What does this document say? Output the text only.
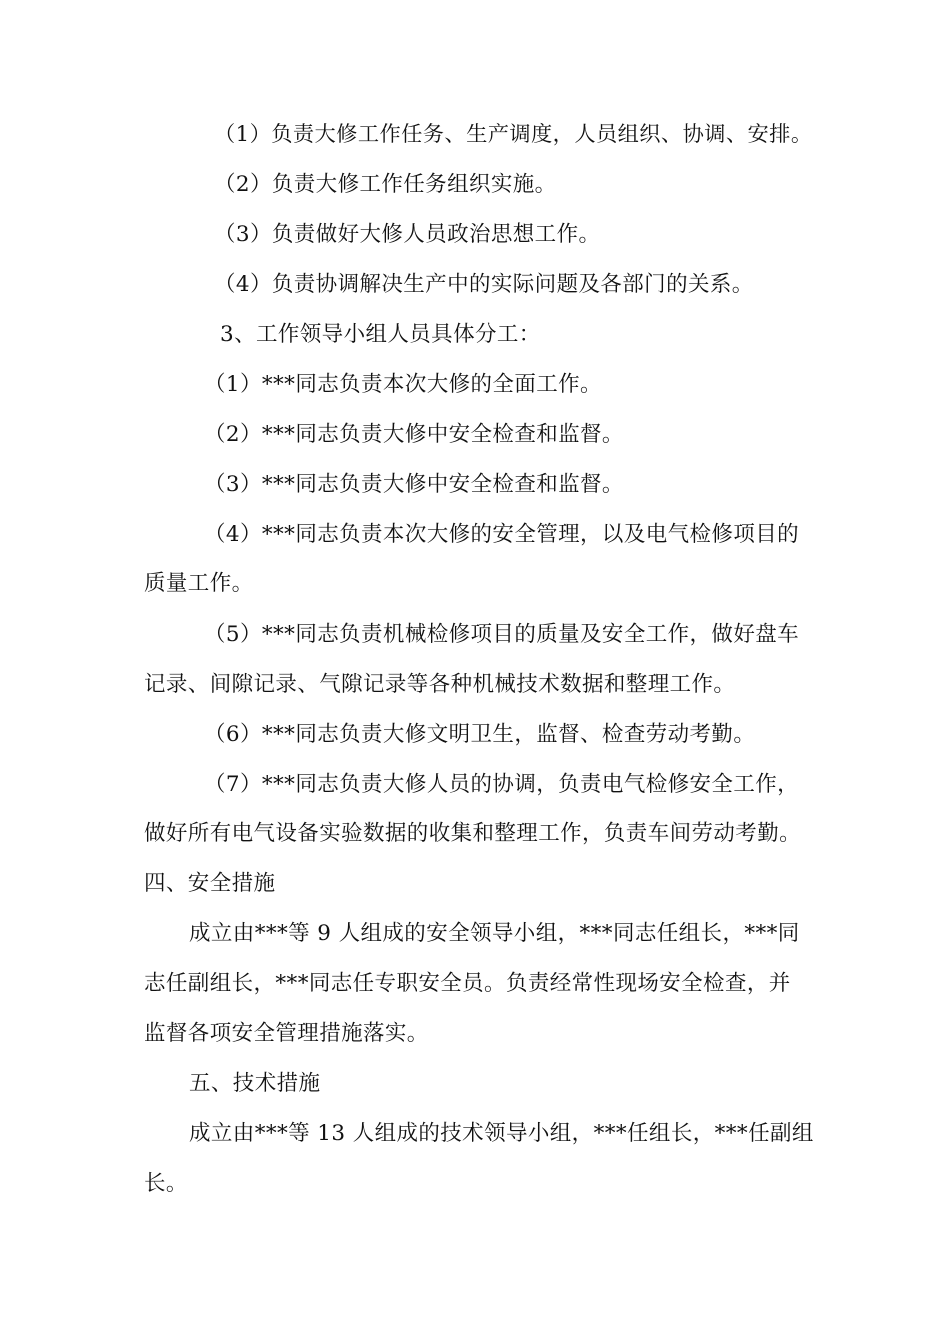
（1）负责大修工作任务、生产调度，人员组织、协调、安排。
（2）负责大修工作任务组织实施。
（3）负责做好大修人员政治思想工作。
（4）负责协调解决生产中的实际问题及各部门的关系。
3、工作领导小组人员具体分工：
（1）***同志负责本次大修的全面工作。
（2）***同志负责大修中安全检查和监督。
（3）***同志负责大修中安全检查和监督。
（4）***同志负责本次大修的安全管理，以及电气检修项目的
质量工作。
（5）***同志负责机械检修项目的质量及安全工作，做好盘车
记录、间隙记录、气隙记录等各种机械技术数据和整理工作。
（6）***同志负责大修文明卫生，监督、检查劳动考勤。
（7）***同志负责大修人员的协调，负责电气检修安全工作，
做好所有电气设备实验数据的收集和整理工作，负责车间劳动考勤。
四、安全措施
成立由***等 9 人组成的安全领导小组，***同志任组长，***同
志任副组长，***同志任专职安全员。负责经常性现场安全检查，并
监督各项安全管理措施落实。
五、技术措施
成立由***等 13 人组成的技术领导小组，***任组长，***任副组
长。
